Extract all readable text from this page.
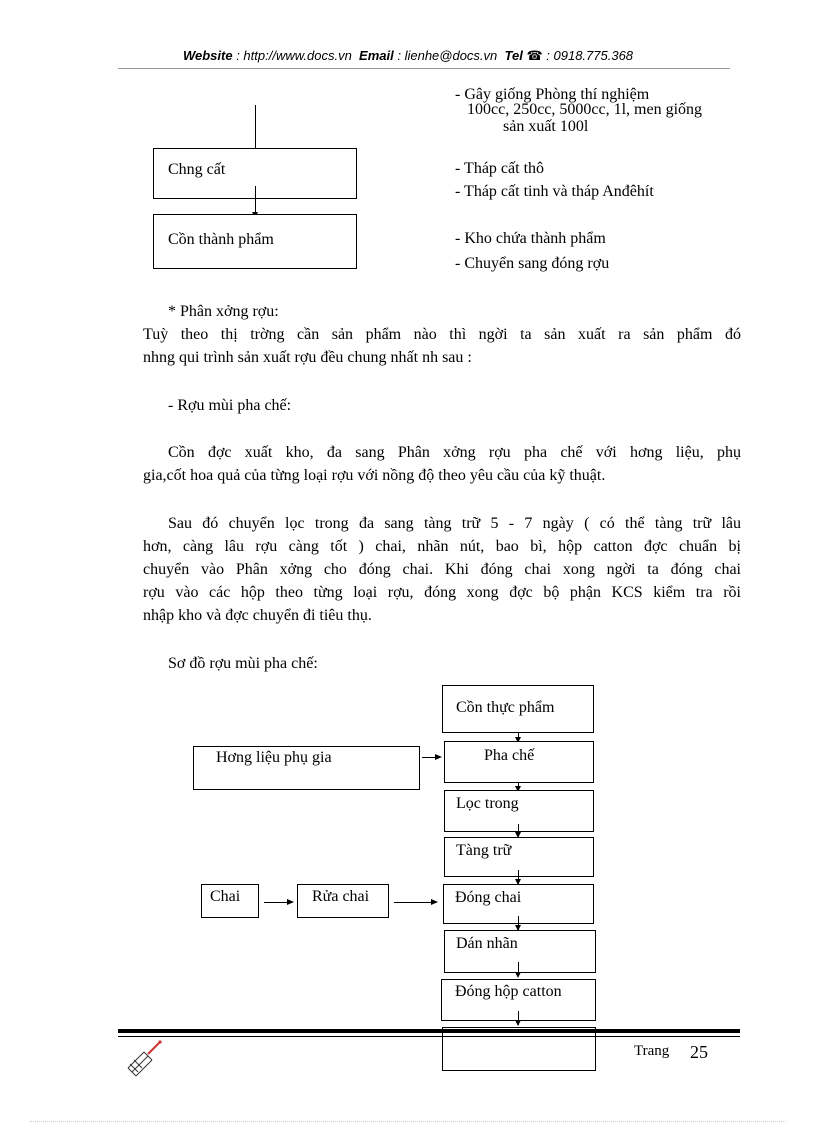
Website : http://www.docs.vn Email : lienhe@docs.vn Tel ☎ : 0918.775.368
Chng cất
Cồn thành phẩm
- Gây giống Phòng thí nghiệm
100cc, 250cc, 5000cc, 1l, men giống
sản xuất 100l
- Tháp cất thô
- Tháp cất tinh và tháp Anđêhít
- Kho chứa thành phẩm
- Chuyển sang đóng rợu
* Phân xởng rợu:
Tuỳ theo thị trờng cần sản phẩm nào thì ngời ta sản xuất ra sản phẩm đó
nhng qui trình sản xuất rợu đều chung nhất nh sau :
- Rợu mùi pha chế:
Cồn đợc xuất kho, đa sang Phân xởng rợu pha chế với hơng liệu, phụ
gia,cốt hoa quả của từng loại rợu với nồng độ theo yêu cầu của kỹ thuật.
Sau đó chuyển lọc trong đa sang tàng trữ 5 - 7 ngày ( có thể tàng trữ lâu
hơn, càng lâu rợu càng tốt ) chai, nhãn nút, bao bì, hộp catton đợc chuẩn bị
chuyển vào Phân xởng cho đóng chai. Khi đóng chai xong ngời ta đóng chai
rợu vào các hộp theo từng loại rợu, đóng xong đợc bộ phận KCS kiểm tra rồi
nhập kho và đợc chuyển đi tiêu thụ.
Sơ đồ rợu mùi pha chế:
Cồn thực phẩm
Pha chế
Lọc trong
Tàng trữ
Đóng chai
Dán nhãn
Đóng hộp catton
Hơng liệu phụ gia
Chai	Rửa chai
Trang 25
